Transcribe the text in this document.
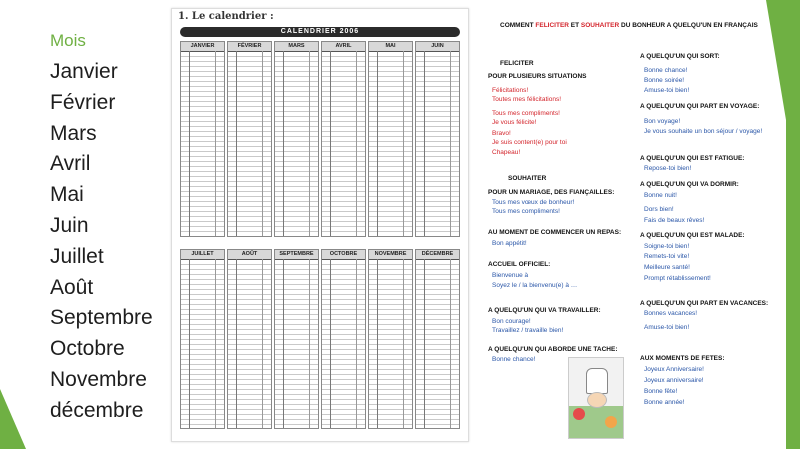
Mois
Janvier
Février
Mars
Avril
Mai
Juin
Juillet
Août
Septembre
Octobre
Novembre
décembre
1. Le calendrier :
CALENDRIER 2006
JANVIER	FÉVRIER	MARS	AVRIL	MAI	JUIN
JUILLET	AOÛT	SEPTEMBRE	OCTOBRE	NOVEMBRE	DÉCEMBRE
COMMENT FELICITER ET SOUHAITER DU BONHEUR A QUELQU'UN EN FRANÇAIS
FELICITER
POUR PLUSIEURS SITUATIONS
Félicitations!
Toutes mes félicitations!
Tous mes compliments!
Je vous félicite!
Bravo!
Je suis content(e) pour toi
Chapeau!
SOUHAITER
POUR UN MARIAGE, DES FIANÇAILLES:
Tous mes vœux de bonheur!
Tous mes compliments!
AU MOMENT DE COMMENCER UN REPAS:
Bon appétit!
ACCUEIL OFFICIEL:
Bienvenue à
Soyez le / la bienvenu(e) à …
A QUELQU'UN QUI VA TRAVAILLER:
Bon courage!
Travaillez / travaille bien!
A QUELQU'UN QUI ABORDE UNE TACHE:
Bonne chance!
A QUELQU'UN QUI SORT:
Bonne chance!
Bonne soirée!
Amuse-toi bien!
A QUELQU'UN QUI PART EN VOYAGE:
Bon voyage!
Je vous souhaite un bon séjour / voyage!
A QUELQU'UN QUI EST FATIGUE:
Repose-toi bien!
A QUELQU'UN QUI VA DORMIR:
Bonne nuit!
Dors bien!
Fais de beaux rêves!
A QUELQU'UN QUI EST MALADE:
Soigne-toi bien!
Remets-toi vite!
Meilleure santé!
Prompt rétablissement!
A QUELQU'UN QUI PART EN VACANCES:
Bonnes vacances!
Amuse-toi bien!
AUX MOMENTS DE FETES:
Joyeux Anniversaire!
Joyeux anniversaire!
Bonne fête!
Bonne année!
